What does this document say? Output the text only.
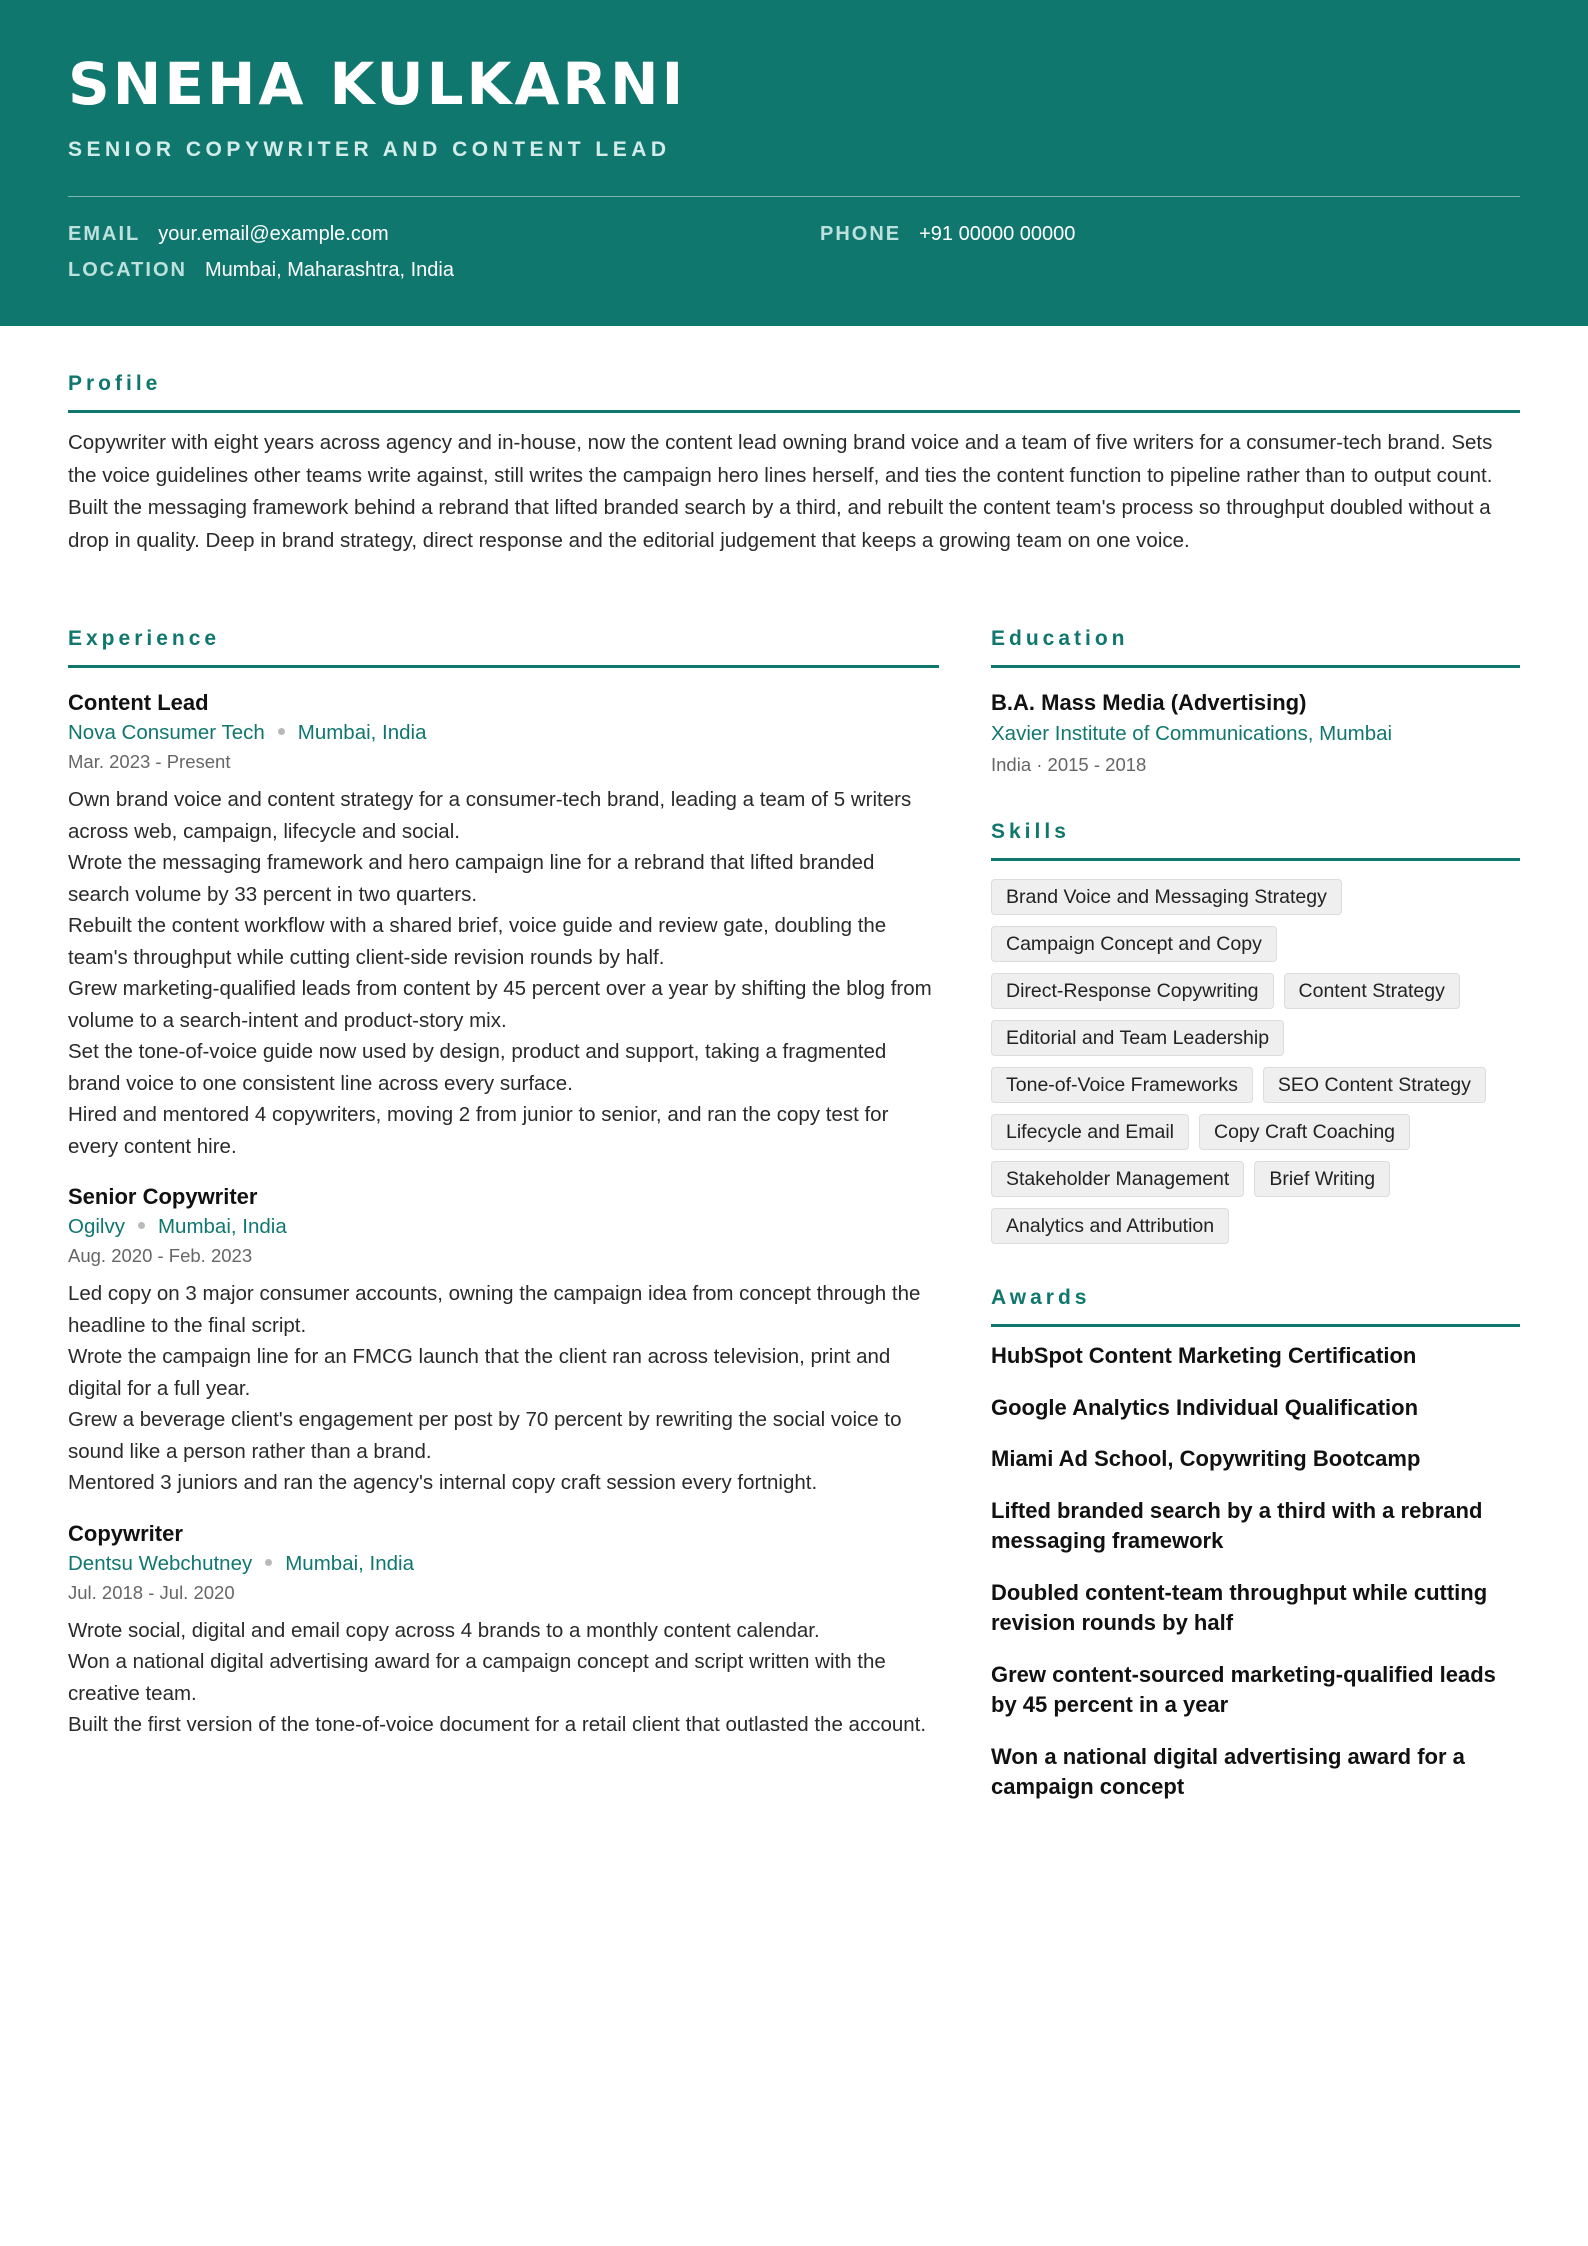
SNEHA KULKARNI
SENIOR COPYWRITER AND CONTENT LEAD
EMAIL your.email@example.com	PHONE +91 00000 00000
LOCATION Mumbai, Maharashtra, India
Profile

Copywriter with eight years across agency and in-house, now the content lead owning brand voice and a team of five writers for a consumer-tech brand. Sets the voice guidelines other teams write against, still writes the campaign hero lines herself, and ties the content function to pipeline rather than to output count. Built the messaging framework behind a rebrand that lifted branded search by a third, and rebuilt the content team's process so throughput doubled without a drop in quality. Deep in brand strategy, direct response and the editorial judgement that keeps a growing team on one voice.

Experience
Content Lead
Nova Consumer Tech Mumbai, India
Mar. 2023 - Present
Own brand voice and content strategy for a consumer-tech brand, leading a team of 5 writers across web, campaign, lifecycle and social.
Wrote the messaging framework and hero campaign line for a rebrand that lifted branded search volume by 33 percent in two quarters.
Rebuilt the content workflow with a shared brief, voice guide and review gate, doubling the team's throughput while cutting client-side revision rounds by half.
Grew marketing-qualified leads from content by 45 percent over a year by shifting the blog from volume to a search-intent and product-story mix.
Set the tone-of-voice guide now used by design, product and support, taking a fragmented brand voice to one consistent line across every surface.
Hired and mentored 4 copywriters, moving 2 from junior to senior, and ran the copy test for every content hire.
Senior Copywriter
Ogilvy Mumbai, India
Aug. 2020 - Feb. 2023
Led copy on 3 major consumer accounts, owning the campaign idea from concept through the headline to the final script.
Wrote the campaign line for an FMCG launch that the client ran across television, print and digital for a full year.
Grew a beverage client's engagement per post by 70 percent by rewriting the social voice to sound like a person rather than a brand.
Mentored 3 juniors and ran the agency's internal copy craft session every fortnight.
Copywriter
Dentsu Webchutney Mumbai, India
Jul. 2018 - Jul. 2020
Wrote social, digital and email copy across 4 brands to a monthly content calendar.
Won a national digital advertising award for a campaign concept and script written with the creative team.
Built the first version of the tone-of-voice document for a retail client that outlasted the account.
Education
B.A. Mass Media (Advertising)
Xavier Institute of Communications, Mumbai
India · 2015 - 2018
Skills
Brand Voice and Messaging Strategy
Campaign Concept and Copy
Direct-Response Copywriting	Content Strategy
Editorial and Team Leadership
Tone-of-Voice Frameworks	SEO Content Strategy
Lifecycle and Email	Copy Craft Coaching
Stakeholder Management	Brief Writing
Analytics and Attribution
Awards
HubSpot Content Marketing Certification
Google Analytics Individual Qualification
Miami Ad School, Copywriting Bootcamp
Lifted branded search by a third with a rebrand messaging framework
Doubled content-team throughput while cutting revision rounds by half
Grew content-sourced marketing-qualified leads by 45 percent in a year
Won a national digital advertising award for a campaign concept
